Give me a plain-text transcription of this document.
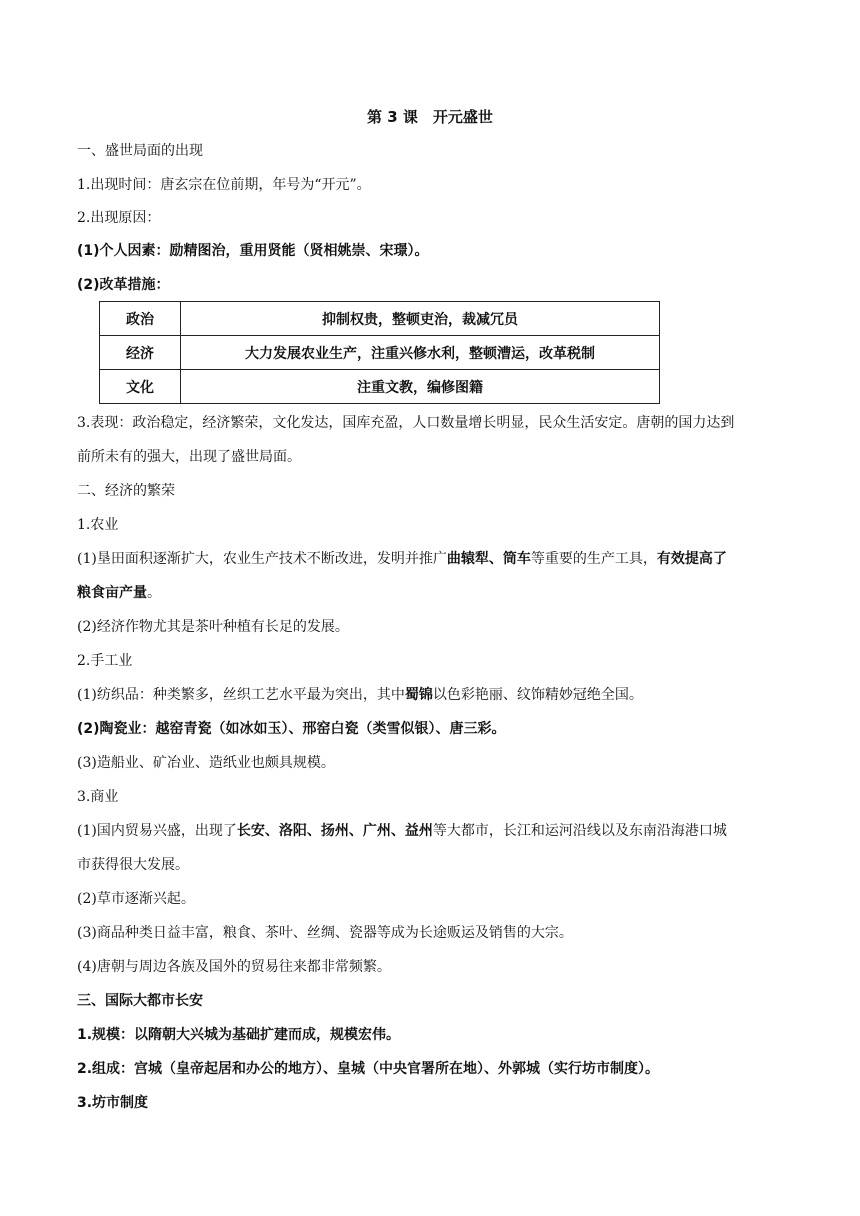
第 3 课　开元盛世
一、盛世局面的出现
1.出现时间：唐玄宗在位前期，年号为“开元”。
2.出现原因：
(1)个人因素：励精图治，重用贤能（贤相姚崇、宋璟）。
(2)改革措施：
政治	抑制权贵，整顿吏治，裁减冗员
经济	大力发展农业生产，注重兴修水利，整顿漕运，改革税制
文化	注重文教，编修图籍
3.表现：政治稳定，经济繁荣，文化发达，国库充盈，人口数量增长明显，民众生活安定。唐朝的国力达到
前所未有的强大，出现了盛世局面。
二、经济的繁荣
1.农业
(1)垦田面积逐渐扩大，农业生产技术不断改进，发明并推广曲辕犁、筒车等重要的生产工具，有效提高了
粮食亩产量。
(2)经济作物尤其是茶叶种植有长足的发展。
2.手工业
(1)纺织品：种类繁多，丝织工艺水平最为突出，其中蜀锦以色彩艳丽、纹饰精妙冠绝全国。
(2)陶瓷业：越窑青瓷（如冰如玉）、邢窑白瓷（类雪似银）、唐三彩。
(3)造船业、矿冶业、造纸业也颇具规模。
3.商业
(1)国内贸易兴盛，出现了长安、洛阳、扬州、广州、益州等大都市，长江和运河沿线以及东南沿海港口城
市获得很大发展。
(2)草市逐渐兴起。
(3)商品种类日益丰富，粮食、茶叶、丝绸、瓷器等成为长途贩运及销售的大宗。
(4)唐朝与周边各族及国外的贸易往来都非常频繁。
三、国际大都市长安
1.规模：以隋朝大兴城为基础扩建而成，规模宏伟。
2.组成：宫城（皇帝起居和办公的地方）、皇城（中央官署所在地）、外郭城（实行坊市制度）。
3.坊市制度
